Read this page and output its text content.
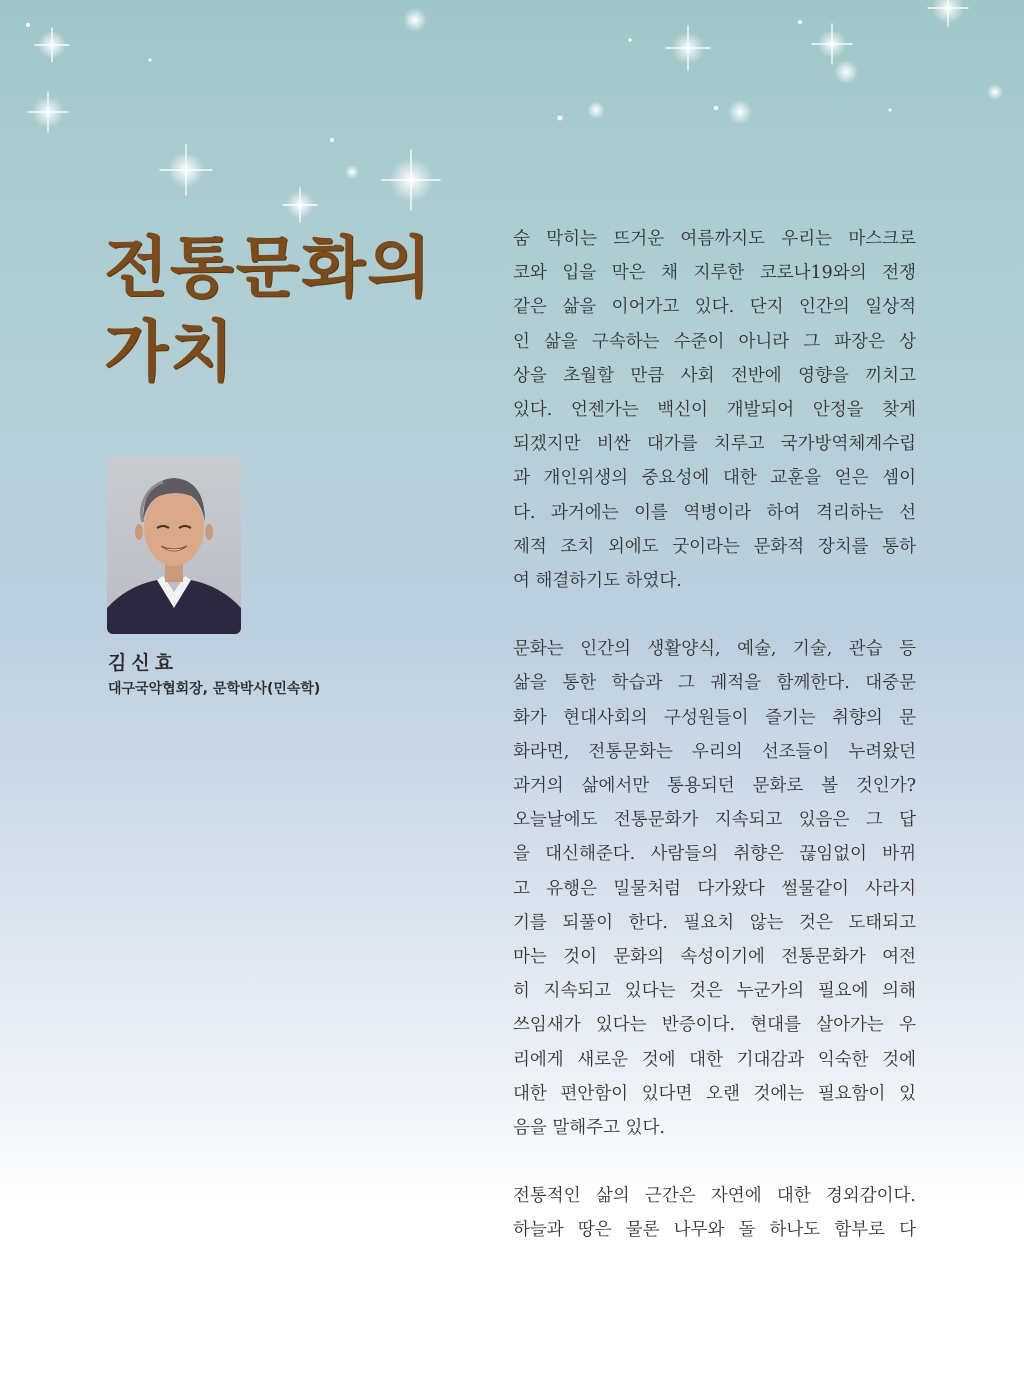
전통문화의
가치
김신효
대구국악협회장, 문학박사(민속학)
숨 막히는 뜨거운 여름까지도 우리는 마스크로
코와 입을 막은 채 지루한 코로나19와의 전쟁
같은 삶을 이어가고 있다. 단지 인간의 일상적
인 삶을 구속하는 수준이 아니라 그 파장은 상
상을 초월할 만큼 사회 전반에 영향을 끼치고
있다. 언젠가는 백신이 개발되어 안정을 찾게
되겠지만 비싼 대가를 치루고 국가방역체계수립
과 개인위생의 중요성에 대한 교훈을 얻은 셈이
다. 과거에는 이를 역병이라 하여 격리하는 선
제적 조치 외에도 굿이라는 문화적 장치를 통하
여 해결하기도 하였다.
문화는 인간의 생활양식, 예술, 기술, 관습 등
삶을 통한 학습과 그 궤적을 함께한다. 대중문
화가 현대사회의 구성원들이 즐기는 취향의 문
화라면, 전통문화는 우리의 선조들이 누려왔던
과거의 삶에서만 통용되던 문화로 볼 것인가?
오늘날에도 전통문화가 지속되고 있음은 그 답
을 대신해준다. 사람들의 취향은 끊임없이 바뀌
고 유행은 밀물처럼 다가왔다 썰물같이 사라지
기를 되풀이 한다. 필요치 않는 것은 도태되고
마는 것이 문화의 속성이기에 전통문화가 여전
히 지속되고 있다는 것은 누군가의 필요에 의해
쓰임새가 있다는 반증이다. 현대를 살아가는 우
리에게 새로운 것에 대한 기대감과 익숙한 것에
대한 편안함이 있다면 오랜 것에는 필요함이 있
음을 말해주고 있다.
전통적인 삶의 근간은 자연에 대한 경외감이다.
하늘과 땅은 물론 나무와 돌 하나도 함부로 다
